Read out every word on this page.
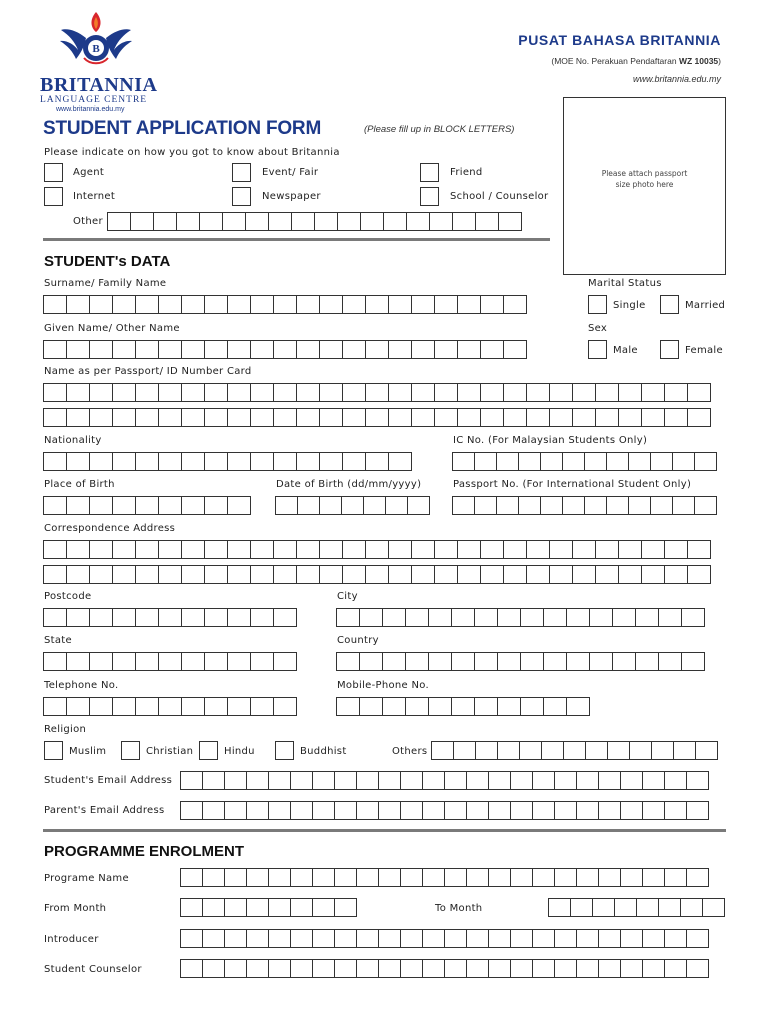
B
BRITANNIA
LANGUAGE CENTRE
www.britannia.edu.my
PUSAT BAHASA BRITANNIA
(MOE No. Perakuan Pendaftaran WZ 10035)
www.britannia.edu.my
STUDENT APPLICATION FORM	(Please fill up in BLOCK LETTERS)
Please attach passport
size photo here
Please indicate on how you got to know about Britannia
Agent	Event/ Fair	Friend
Internet	Newspaper	School / Counselor
Other
STUDENT's DATA
Surname/ Family Name	Marital Status
Single	Married
Given Name/ Other Name	Sex
Male	Female
Name as per Passport/ ID Number Card
Nationality	IC No. (For Malaysian Students Only)
Place of Birth	Date of Birth (dd/mm/yyyy)	Passport No. (For International Student Only)
Correspondence Address
Postcode	City
State	Country
Telephone No.	Mobile-Phone No.
Religion
Muslim	Christian	Hindu	Buddhist	Others
Student's Email Address
Parent's Email Address
PROGRAMME ENROLMENT
Programe Name
From Month	To Month
Introducer
Student Counselor
